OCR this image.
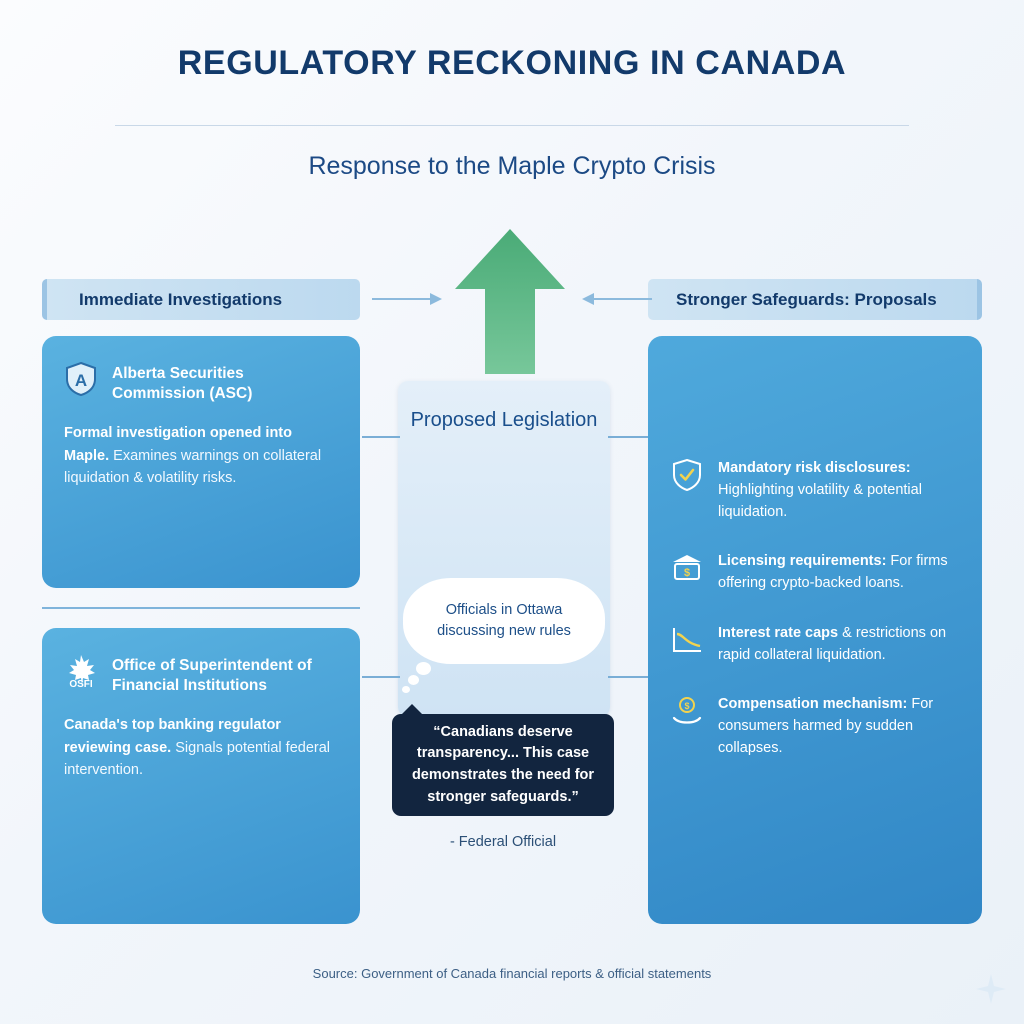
REGULATORY RECKONING IN CANADA
Response to the Maple Crypto Crisis
Immediate Investigations	Stronger Safeguards: Proposals
Proposed Legislation
Officials in Ottawa discussing new rules
“Canadians deserve transparency... This case demonstrates the need for stronger safeguards.”
- Federal Official
A Alberta Securities Commission (ASC)
Formal investigation opened into Maple. Examines warnings on collateral liquidation & volatility risks.
OSFI
Office of Superintendent of Financial Institutions
Canada's top banking regulator reviewing case. Signals potential federal intervention.
Mandatory risk disclosures: Highlighting volatility & potential liquidation.
$
Licensing requirements: For firms offering crypto-backed loans.
Interest rate caps & restrictions on rapid collateral liquidation.
$ Compensation mechanism: For consumers harmed by sudden collapses.
Source: Government of Canada financial reports & official statements
